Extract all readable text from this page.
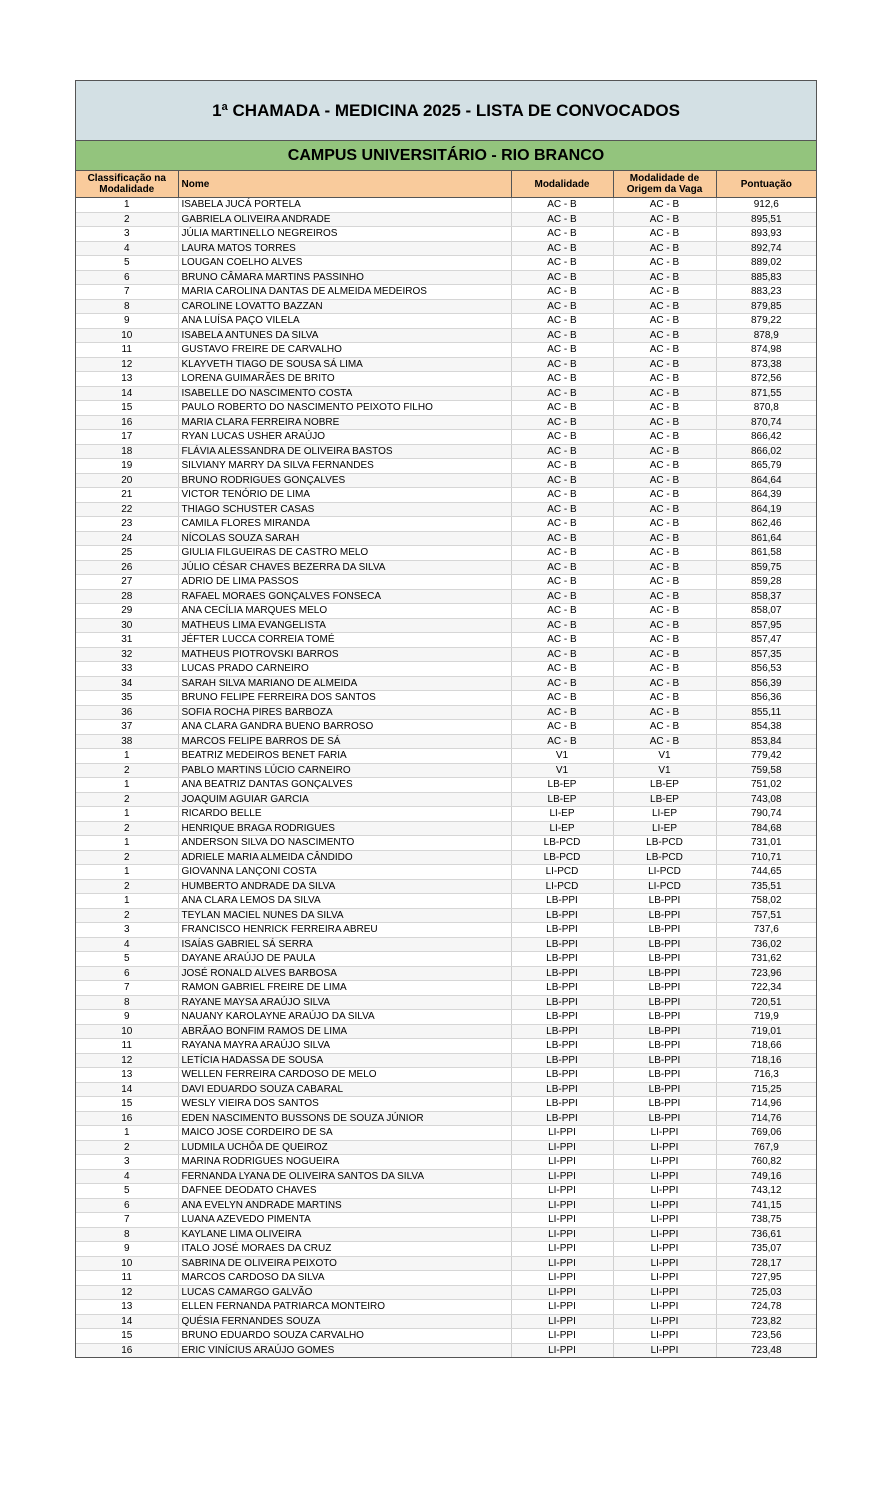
1ª CHAMADA - MEDICINA 2025 - LISTA DE CONVOCADOS
CAMPUS UNIVERSITÁRIO - RIO BRANCO
Classificação na Modalidade	Nome	Modalidade	Modalidade de Origem da Vaga	Pontuação
1	ISABELA JUCÁ PORTELA	AC - B	AC - B	912,6
2	GABRIELA OLIVEIRA ANDRADE	AC - B	AC - B	895,51
3	JÚLIA MARTINELLO NEGREIROS	AC - B	AC - B	893,93
4	LAURA MATOS TORRES	AC - B	AC - B	892,74
5	LOUGAN COELHO ALVES	AC - B	AC - B	889,02
6	BRUNO CÂMARA MARTINS PASSINHO	AC - B	AC - B	885,83
7	MARIA CAROLINA DANTAS DE ALMEIDA MEDEIROS	AC - B	AC - B	883,23
8	CAROLINE LOVATTO BAZZAN	AC - B	AC - B	879,85
9	ANA LUÍSA PAÇO VILELA	AC - B	AC - B	879,22
10	ISABELA ANTUNES DA SILVA	AC - B	AC - B	878,9
11	GUSTAVO FREIRE DE CARVALHO	AC - B	AC - B	874,98
12	KLAYVETH TIAGO DE SOUSA SÁ LIMA	AC - B	AC - B	873,38
13	LORENA GUIMARÃES DE BRITO	AC - B	AC - B	872,56
14	ISABELLE DO NASCIMENTO COSTA	AC - B	AC - B	871,55
15	PAULO ROBERTO DO NASCIMENTO PEIXOTO FILHO	AC - B	AC - B	870,8
16	MARIA CLARA FERREIRA NOBRE	AC - B	AC - B	870,74
17	RYAN LUCAS USHER ARAÚJO	AC - B	AC - B	866,42
18	FLÁVIA ALESSANDRA DE OLIVEIRA BASTOS	AC - B	AC - B	866,02
19	SILVIANY MARRY DA SILVA FERNANDES	AC - B	AC - B	865,79
20	BRUNO RODRIGUES GONÇALVES	AC - B	AC - B	864,64
21	VICTOR TENÓRIO DE LIMA	AC - B	AC - B	864,39
22	THIAGO SCHUSTER CASAS	AC - B	AC - B	864,19
23	CAMILA FLORES MIRANDA	AC - B	AC - B	862,46
24	NÍCOLAS SOUZA SARAH	AC - B	AC - B	861,64
25	GIULIA FILGUEIRAS DE CASTRO MELO	AC - B	AC - B	861,58
26	JÚLIO CÉSAR CHAVES BEZERRA DA SILVA	AC - B	AC - B	859,75
27	ADRIO DE LIMA PASSOS	AC - B	AC - B	859,28
28	RAFAEL MORAES GONÇALVES FONSECA	AC - B	AC - B	858,37
29	ANA CECÍLIA MARQUES MELO	AC - B	AC - B	858,07
30	MATHEUS LIMA EVANGELISTA	AC - B	AC - B	857,95
31	JÉFTER LUCCA CORREIA TOMÉ	AC - B	AC - B	857,47
32	MATHEUS PIOTROVSKI BARROS	AC - B	AC - B	857,35
33	LUCAS PRADO CARNEIRO	AC - B	AC - B	856,53
34	SARAH SILVA MARIANO DE ALMEIDA	AC - B	AC - B	856,39
35	BRUNO FELIPE FERREIRA DOS SANTOS	AC - B	AC - B	856,36
36	SOFIA ROCHA PIRES BARBOZA	AC - B	AC - B	855,11
37	ANA CLARA GANDRA BUENO BARROSO	AC - B	AC - B	854,38
38	MARCOS FELIPE BARROS DE SÁ	AC - B	AC - B	853,84
1	BEATRIZ MEDEIROS BENET FARIA	V1	V1	779,42
2	PABLO MARTINS LÚCIO CARNEIRO	V1	V1	759,58
1	ANA BEATRIZ DANTAS GONÇALVES	LB-EP	LB-EP	751,02
2	JOAQUIM AGUIAR GARCIA	LB-EP	LB-EP	743,08
1	RICARDO BELLE	LI-EP	LI-EP	790,74
2	HENRIQUE BRAGA RODRIGUES	LI-EP	LI-EP	784,68
1	ANDERSON SILVA DO NASCIMENTO	LB-PCD	LB-PCD	731,01
2	ADRIELE MARIA ALMEIDA CÂNDIDO	LB-PCD	LB-PCD	710,71
1	GIOVANNA LANÇONI COSTA	LI-PCD	LI-PCD	744,65
2	HUMBERTO ANDRADE DA SILVA	LI-PCD	LI-PCD	735,51
1	ANA CLARA LEMOS DA SILVA	LB-PPI	LB-PPI	758,02
2	TEYLAN MACIEL NUNES DA SILVA	LB-PPI	LB-PPI	757,51
3	FRANCISCO HENRICK FERREIRA ABREU	LB-PPI	LB-PPI	737,6
4	ISAÍAS GABRIEL SÁ SERRA	LB-PPI	LB-PPI	736,02
5	DAYANE ARAÚJO DE PAULA	LB-PPI	LB-PPI	731,62
6	JOSÉ RONALD ALVES BARBOSA	LB-PPI	LB-PPI	723,96
7	RAMON GABRIEL FREIRE DE LIMA	LB-PPI	LB-PPI	722,34
8	RAYANE MAYSA ARAÚJO SILVA	LB-PPI	LB-PPI	720,51
9	NAUANY KAROLAYNE ARAÚJO DA SILVA	LB-PPI	LB-PPI	719,9
10	ABRÃAO BONFIM RAMOS DE LIMA	LB-PPI	LB-PPI	719,01
11	RAYANA MAYRA ARAÚJO SILVA	LB-PPI	LB-PPI	718,66
12	LETÍCIA HADASSA DE SOUSA	LB-PPI	LB-PPI	718,16
13	WELLEN FERREIRA CARDOSO DE MELO	LB-PPI	LB-PPI	716,3
14	DAVI EDUARDO SOUZA CABARAL	LB-PPI	LB-PPI	715,25
15	WESLY VIEIRA DOS SANTOS	LB-PPI	LB-PPI	714,96
16	EDEN NASCIMENTO BUSSONS DE SOUZA JÚNIOR	LB-PPI	LB-PPI	714,76
1	MAICO JOSE CORDEIRO DE SA	LI-PPI	LI-PPI	769,06
2	LUDMILA UCHÔA DE QUEIROZ	LI-PPI	LI-PPI	767,9
3	MARINA RODRIGUES NOGUEIRA	LI-PPI	LI-PPI	760,82
4	FERNANDA LYANA DE OLIVEIRA SANTOS DA SILVA	LI-PPI	LI-PPI	749,16
5	DAFNEE DEODATO CHAVES	LI-PPI	LI-PPI	743,12
6	ANA EVELYN ANDRADE MARTINS	LI-PPI	LI-PPI	741,15
7	LUANA AZEVEDO PIMENTA	LI-PPI	LI-PPI	738,75
8	KAYLANE LIMA OLIVEIRA	LI-PPI	LI-PPI	736,61
9	ITALO JOSÉ MORAES DA CRUZ	LI-PPI	LI-PPI	735,07
10	SABRINA DE OLIVEIRA PEIXOTO	LI-PPI	LI-PPI	728,17
11	MARCOS CARDOSO DA SILVA	LI-PPI	LI-PPI	727,95
12	LUCAS CAMARGO GALVÃO	LI-PPI	LI-PPI	725,03
13	ELLEN FERNANDA PATRIARCA MONTEIRO	LI-PPI	LI-PPI	724,78
14	QUÉSIA FERNANDES SOUZA	LI-PPI	LI-PPI	723,82
15	BRUNO EDUARDO SOUZA CARVALHO	LI-PPI	LI-PPI	723,56
16	ERIC VINÍCIUS ARAÚJO GOMES	LI-PPI	LI-PPI	723,48
